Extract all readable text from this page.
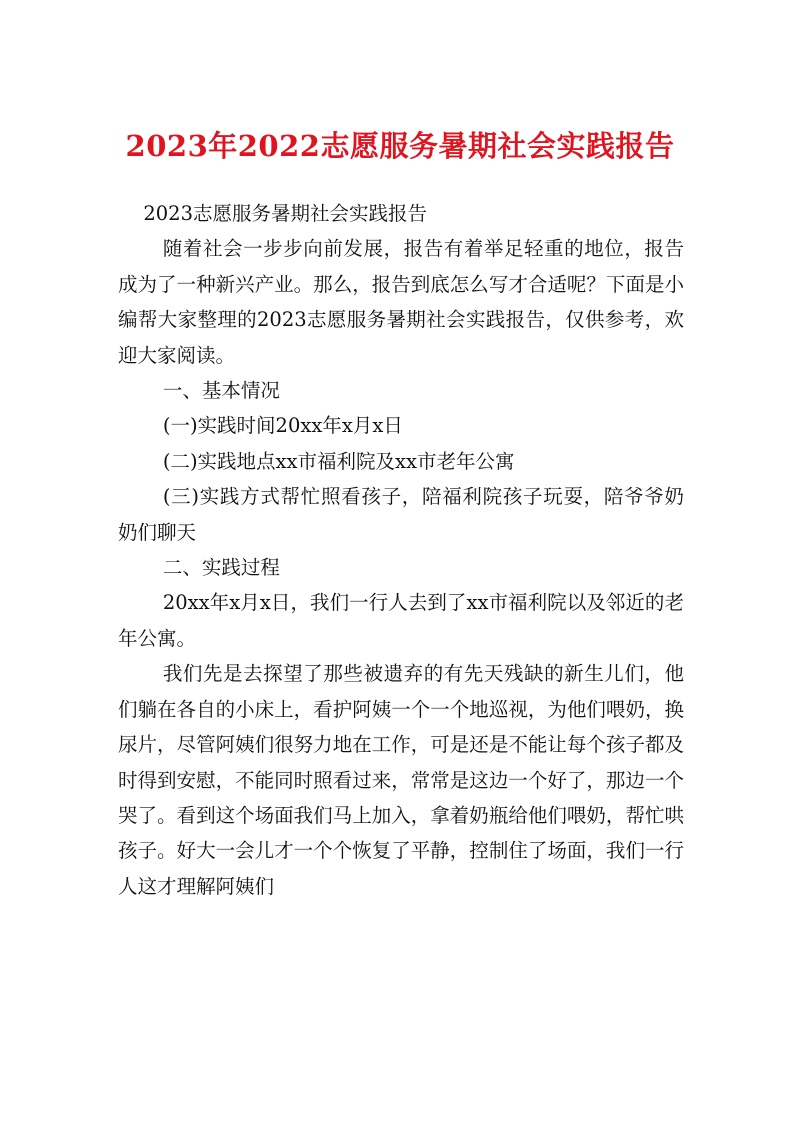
2023年2022志愿服务暑期社会实践报告

2023志愿服务暑期社会实践报告

随着社会一步步向前发展，报告有着举足轻重的地位，报告成为了一种新兴产业。那么，报告到底怎么写才合适呢？下面是小编帮大家整理的2023志愿服务暑期社会实践报告，仅供参考，欢迎大家阅读。

一、基本情况

(一)实践时间20xx年x月x日

(二)实践地点xx市福利院及xx市老年公寓

(三)实践方式帮忙照看孩子，陪福利院孩子玩耍，陪爷爷奶奶们聊天

二、实践过程

20xx年x月x日，我们一行人去到了xx市福利院以及邻近的老年公寓。

我们先是去探望了那些被遗弃的有先天残缺的新生儿们，他们躺在各自的小床上，看护阿姨一个一个地巡视，为他们喂奶，换尿片，尽管阿姨们很努力地在工作，可是还是不能让每个孩子都及时得到安慰，不能同时照看过来，常常是这边一个好了，那边一个哭了。看到这个场面我们马上加入，拿着奶瓶给他们喂奶，帮忙哄孩子。好大一会儿才一个个恢复了平静，控制住了场面，我们一行人这才理解阿姨们
